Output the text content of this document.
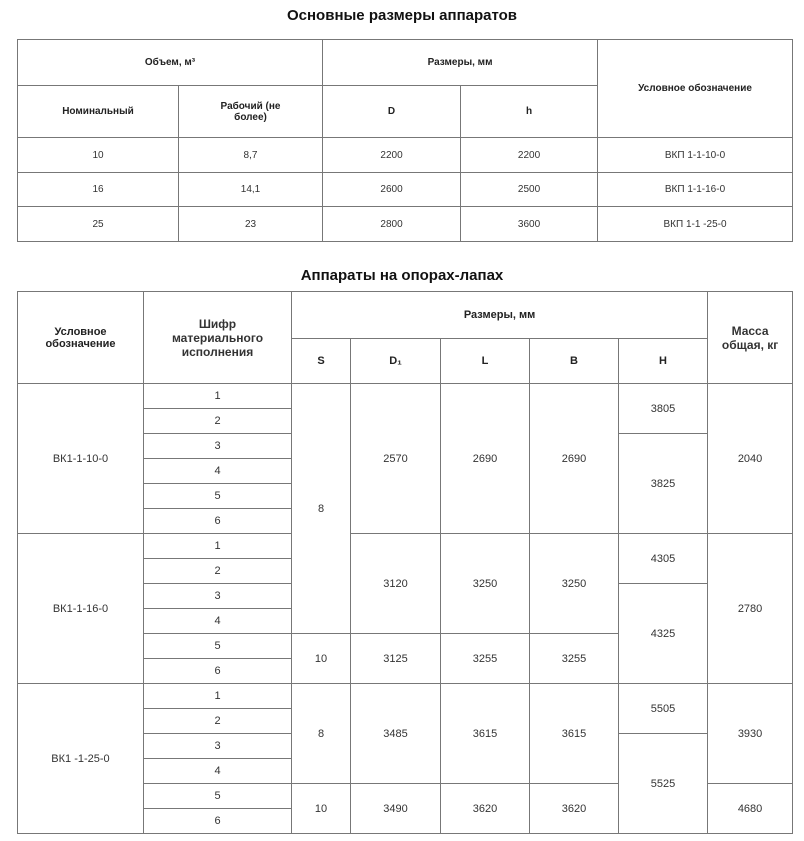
Основные размеры аппаратов
Объем, м³		Размеры, мм		Условное обозначение
Номинальный	Рабочий (не более)	D	h	
10	8,7	2200	2200	ВКП 1-1-10-0
16	14,1	2600	2500	ВКП 1-1-16-0
25	23	2800	3600	ВКП 1-1 -25-0
Аппараты на опорах-лапах
Условное обозначение	Шифр материального исполнения	Размеры, мм					Масса общая, кг
		S	D₁	L	B	H	
ВК1-1-10-0	1	8	2570	2690	2690	3805	2040
	2						
	3					3825	
	4						
	5						
	6						
ВК1-1-16-0	1		3120	3250	3250	4305	2780
	2						
	3					4325	
	4						
	5	10	3125	3255	3255		
	6						
ВК1 -1-25-0	1	8	3485	3615	3615	5505	3930
	2						
	3					5525	
	4						
	5	10	3490	3620	3620		4680
	6						
